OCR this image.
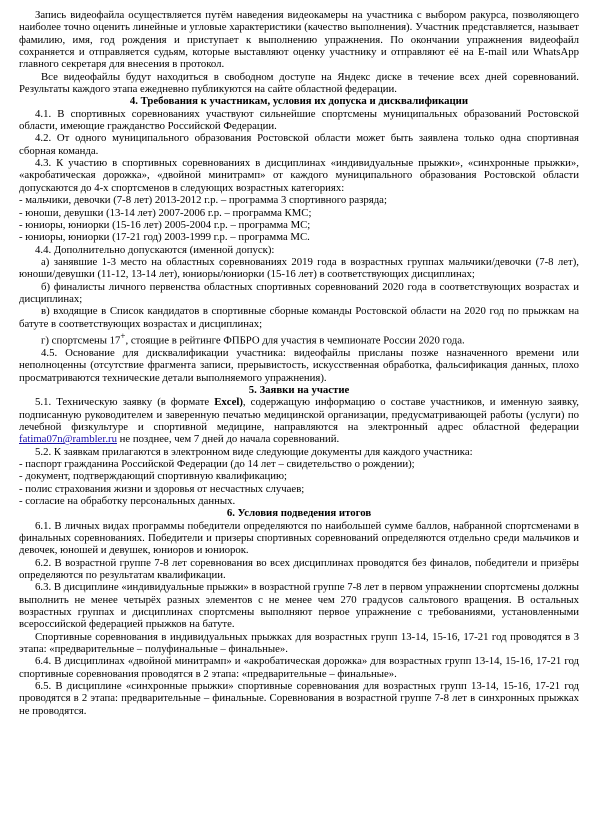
Запись видеофайла осуществляется путём наведения видеокамеры на участника с выбором ракурса, позволяющего наиболее точно оценить линейные и угловые характеристики (качество выполнения). Участник представляется, называет фамилию, имя, год рождения и приступает к выполнению упражнения. По окончании упражнения видеофайл сохраняется и отправляется судьям, которые выставляют оценку участнику и отправляют её на E-mail или WhatsApp главного секретаря для внесения в протокол.

Все видеофайлы будут находиться в свободном доступе на Яндекс диске в течение всех дней соревнований. Результаты каждого этапа ежедневно публикуются на сайте областной федерации.

4. Требования к участникам, условия их допуска и дисквалификации

4.1. В спортивных соревнованиях участвуют сильнейшие спортсмены муниципальных образований Ростовской области, имеющие гражданство Российской Федерации.

4.2. От одного муниципального образования Ростовской области может быть заявлена только одна спортивная сборная команда.

4.3. К участию в спортивных соревнованиях в дисциплинах «индивидуальные прыжки», «синхронные прыжки», «акробатическая дорожка», «двойной минитрамп» от каждого муниципального образования Ростовской области допускаются до 4-х спортсменов в следующих возрастных категориях:

- мальчики, девочки (7-8 лет) 2013-2012 г.р. – программа 3 спортивного разряда;

- юноши, девушки (13-14 лет) 2007-2006 г.р. – программа КМС;

- юниоры, юниорки (15-16 лет) 2005-2004 г.р. – программа МС;

- юниоры, юниорки (17-21 год) 2003-1999 г.р. – программа МС.

4.4. Дополнительно допускаются (именной допуск):

а) занявшие 1-3 место на областных соревнованиях 2019 года в возрастных группах мальчики/девочки (7-8 лет), юноши/девушки (11-12, 13-14 лет), юниоры/юниорки (15-16 лет) в соответствующих дисциплинах;

б) финалисты личного первенства областных спортивных соревнований 2020 года в соответствующих возрастах и дисциплинах;

в) входящие в Список кандидатов в спортивные сборные команды Ростовской области на 2020 год по прыжкам на батуте в соответствующих возрастах и дисциплинах;

г) спортсмены 17+, стоящие в рейтинге ФПБРО для участия в чемпионате России 2020 года.

4.5. Основание для дисквалификации участника: видеофайлы присланы позже назначенного времени или неполноценны (отсутствие фрагмента записи, прерывистость, искусственная обработка, фальсификация данных, плохо просматриваются технические детали выполняемого упражнения).

5. Заявки на участие

5.1. Техническую заявку (в формате Excel), содержащую информацию о составе участников, и именную заявку, подписанную руководителем и заверенную печатью медицинской организации, предусматривающей работы (услуги) по лечебной физкультуре и спортивной медицине, направляются на электронный адрес областной федерации fatima07n@rambler.ru не позднее, чем 7 дней до начала соревнований.

5.2. К заявкам прилагаются в электронном виде следующие документы для каждого участника:

- паспорт гражданина Российской Федерации (до 14 лет – свидетельство о рождении);

- документ, подтверждающий спортивную квалификацию;

- полис страхования жизни и здоровья от несчастных случаев;

- согласие на обработку персональных данных.

6. Условия подведения итогов

6.1. В личных видах программы победители определяются по наибольшей сумме баллов, набранной спортсменами в финальных соревнованиях. Победители и призеры спортивных соревнований определяются отдельно среди мальчиков и девочек, юношей и девушек, юниоров и юниорок.

6.2. В возрастной группе 7-8 лет соревнования во всех дисциплинах проводятся без финалов, победители и призёры определяются по результатам квалификации.

6.3. В дисциплине «индивидуальные прыжки» в возрастной группе 7-8 лет в первом упражнении спортсмены должны выполнить не менее четырёх разных элементов с не менее чем 270 градусов сальтового вращения. В остальных возрастных группах и дисциплинах спортсмены выполняют первое упражнение с требованиями, установленными всероссийской федерацией прыжков на батуте.

Спортивные соревнования в индивидуальных прыжках для возрастных групп 13-14, 15-16, 17-21 год проводятся в 3 этапа: «предварительные – полуфинальные – финальные».

6.4. В дисциплинах «двойной минитрамп» и «акробатическая дорожка» для возрастных групп 13-14, 15-16, 17-21 год спортивные соревнования проводятся в 2 этапа: «предварительные – финальные».

6.5. В дисциплине «синхронные прыжки» спортивные соревнования для возрастных групп 13-14, 15-16, 17-21 год проводятся в 2 этапа: предварительные – финальные. Соревнования в возрастной группе 7-8 лет в синхронных прыжках не проводятся.
